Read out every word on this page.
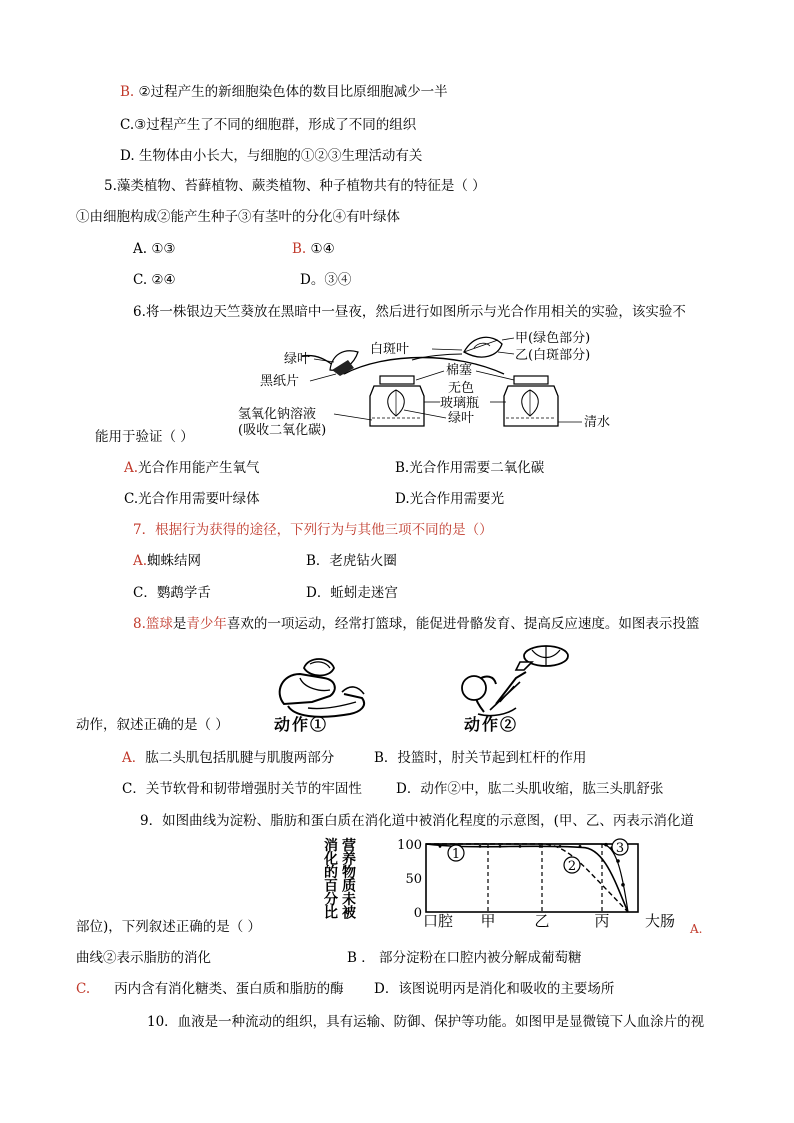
B. ②过程产生的新细胞染色体的数目比原细胞减少一半
C.③过程产生了不同的细胞群，形成了不同的组织
D. 生物体由小长大，与细胞的①②③生理活动有关
5.藻类植物、苔藓植物、蕨类植物、种子植物共有的特征是（ ）
①由细胞构成②能产生种子③有茎叶的分化④有叶绿体
A. ①③	B. ①④
C. ②④	D。③④
6.将一株银边天竺葵放在黑暗中一昼夜，然后进行如图所示与光合作用相关的实验，该实验不
甲(绿色部分)
白斑叶	乙(白斑部分)
绿叶
黑纸片
棉塞
无色
玻璃瓶
绿叶
氢氧化钠溶液
(吸收二氧化碳)
清水
能用于验证（ ）
A.光合作用能产生氧气	B.光合作用需要二氧化碳
C.光合作用需要叶绿体	D.光合作用需要光
7．根据行为获得的途径，下列行为与其他三项不同的是（）
A.蜘蛛结网	B．老虎钻火圈
C．鹦鹉学舌	D．蚯蚓走迷宫
8.篮球是青少年喜欢的一项运动，经常打篮球，能促进骨骼发育、提高反应速度。如图表示投篮
动作①	动作②
动作，叙述正确的是（ ）
A．肱二头肌包括肌腱与肌腹两部分	B．投篮时，肘关节起到杠杆的作用
C．关节软骨和韧带增强肘关节的牢固性	D．动作②中，肱二头肌收缩，肱三头肌舒张
9．如图曲线为淀粉、脂肪和蛋白质在消化道中被消化程度的示意图，(甲、乙、丙表示消化道
消
化
的
百
分
比
营
养
物
质
未
被
100
50
0
1
2
3
口腔 甲	乙	丙 大肠
部位)，下列叙述正确的是（ ）	A.
曲线②表示脂肪的消化	B ． 部分淀粉在口腔内被分解成葡萄糖
C. 丙内含有消化糖类、蛋白质和脂肪的酶 D．该图说明丙是消化和吸收的主要场所
10．血液是一种流动的组织，具有运输、防御、保护等功能。如图甲是显微镜下人血涂片的视
